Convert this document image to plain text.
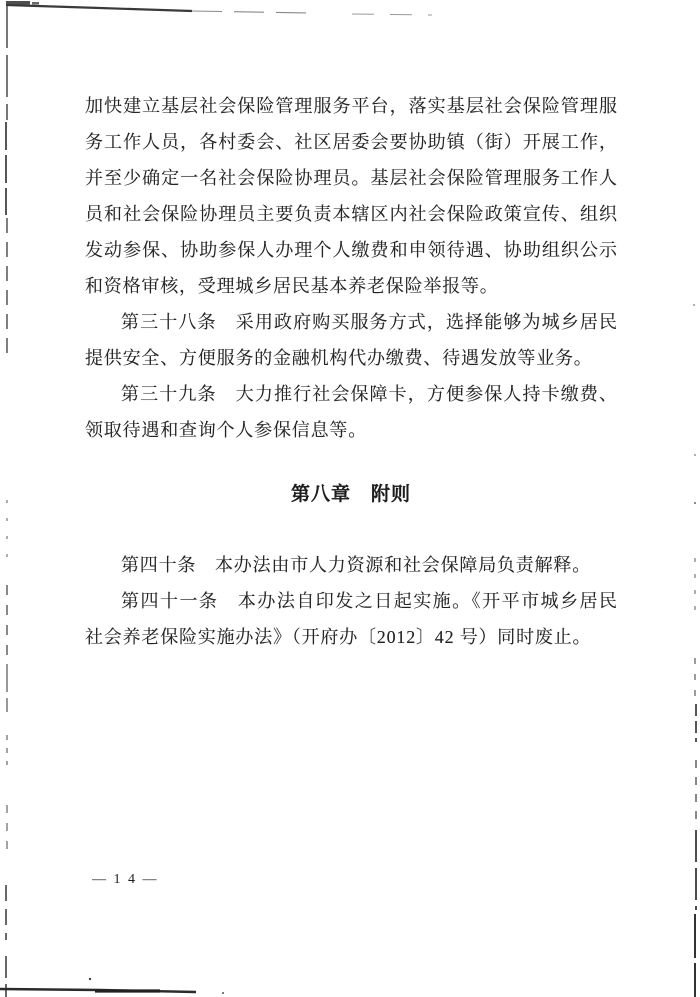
加快建立基层社会保险管理服务平台，落实基层社会保险管理服
务工作人员，各村委会、社区居委会要协助镇（街）开展工作，
并至少确定一名社会保险协理员。基层社会保险管理服务工作人
员和社会保险协理员主要负责本辖区内社会保险政策宣传、组织
发动参保、协助参保人办理个人缴费和申领待遇、协助组织公示
和资格审核，受理城乡居民基本养老保险举报等。
第三十八条　采用政府购买服务方式，选择能够为城乡居民
提供安全、方便服务的金融机构代办缴费、待遇发放等业务。
第三十九条　大力推行社会保障卡，方便参保人持卡缴费、
领取待遇和查询个人参保信息等。
第八章　附则
第四十条　本办法由市人力资源和社会保障局负责解释。
第四十一条　本办法自印发之日起实施。《开平市城乡居民
社会养老保险实施办法》（开府办〔2012〕42 号）同时废止。
— 1 4 —
